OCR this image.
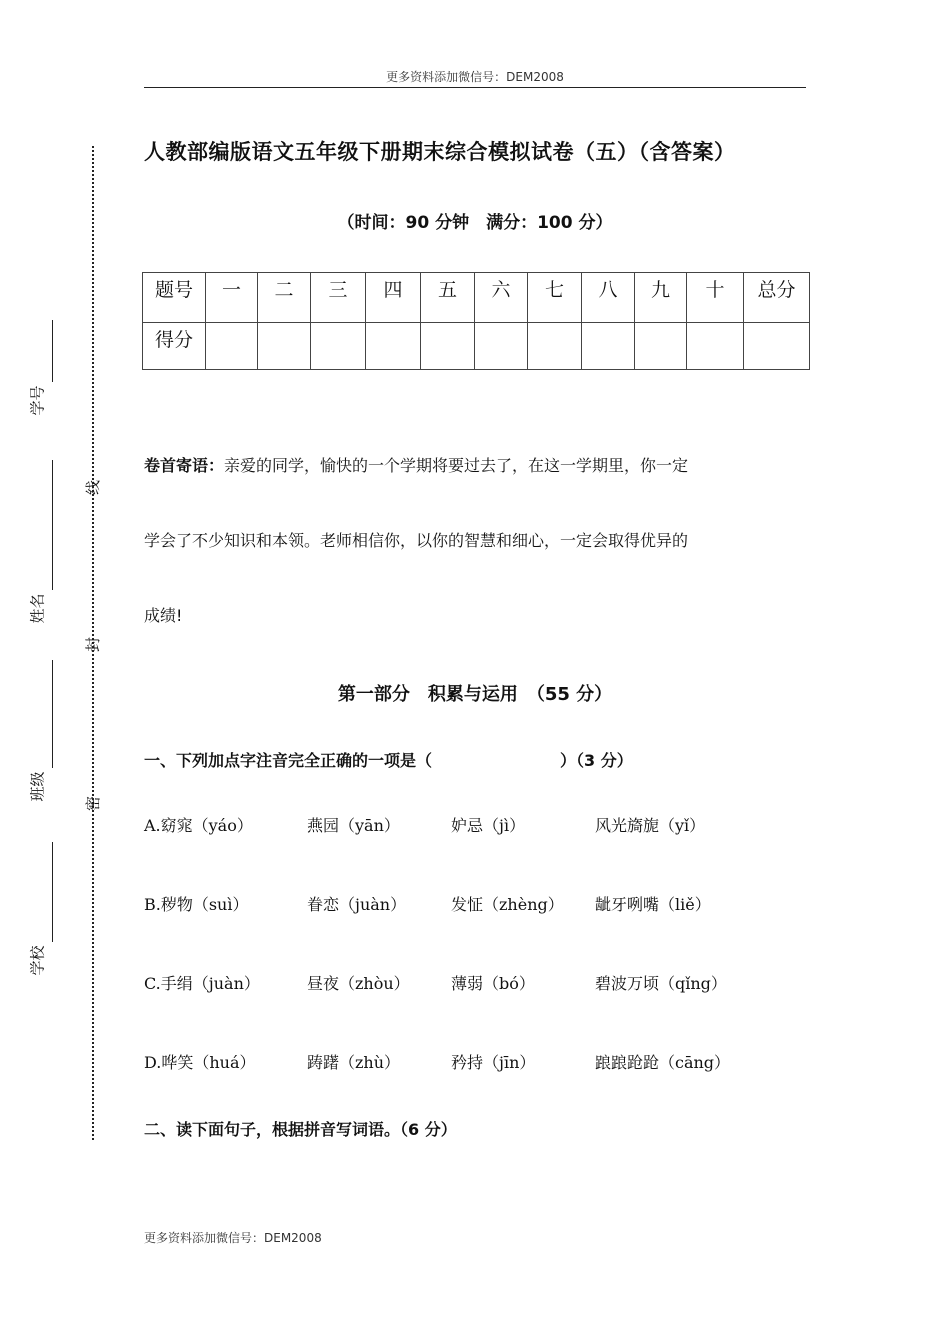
更多资料添加微信号：DEM2008
人教部编版语文五年级下册期末综合模拟试卷（五）（含答案）
（时间：90 分钟　满分：100 分）
题号	一	二	三	四	五	六	七	八	九	十	总分
得分											
卷首寄语：亲爱的同学，愉快的一个学期将要过去了，在这一学期里，你一定
学会了不少知识和本领。老师相信你，以你的智慧和细心，一定会取得优异的
成绩!
第一部分　积累与运用　（55 分）
一、下列加点字注音完全正确的一项是（　　　　　　　　）（3 分）
A.窈窕（yáo）	燕园（yān）	妒忌（jì）	风光旖旎（yǐ）
B.秽物（suì）	眷恋（juàn）	发怔（zhèng） 龇牙咧嘴（liě）
C.手绢（juàn）	昼夜（zhòu）	薄弱（bó）	碧波万顷（qǐng）
D.哗笑（huá）	踌躇（zhù）	矜持（jīn）	踉踉跄跄（cāng）
二、读下面句子，根据拼音写词语。（6 分）
更多资料添加微信号：DEM2008
学号
姓名
班级
学校
线
封
密
